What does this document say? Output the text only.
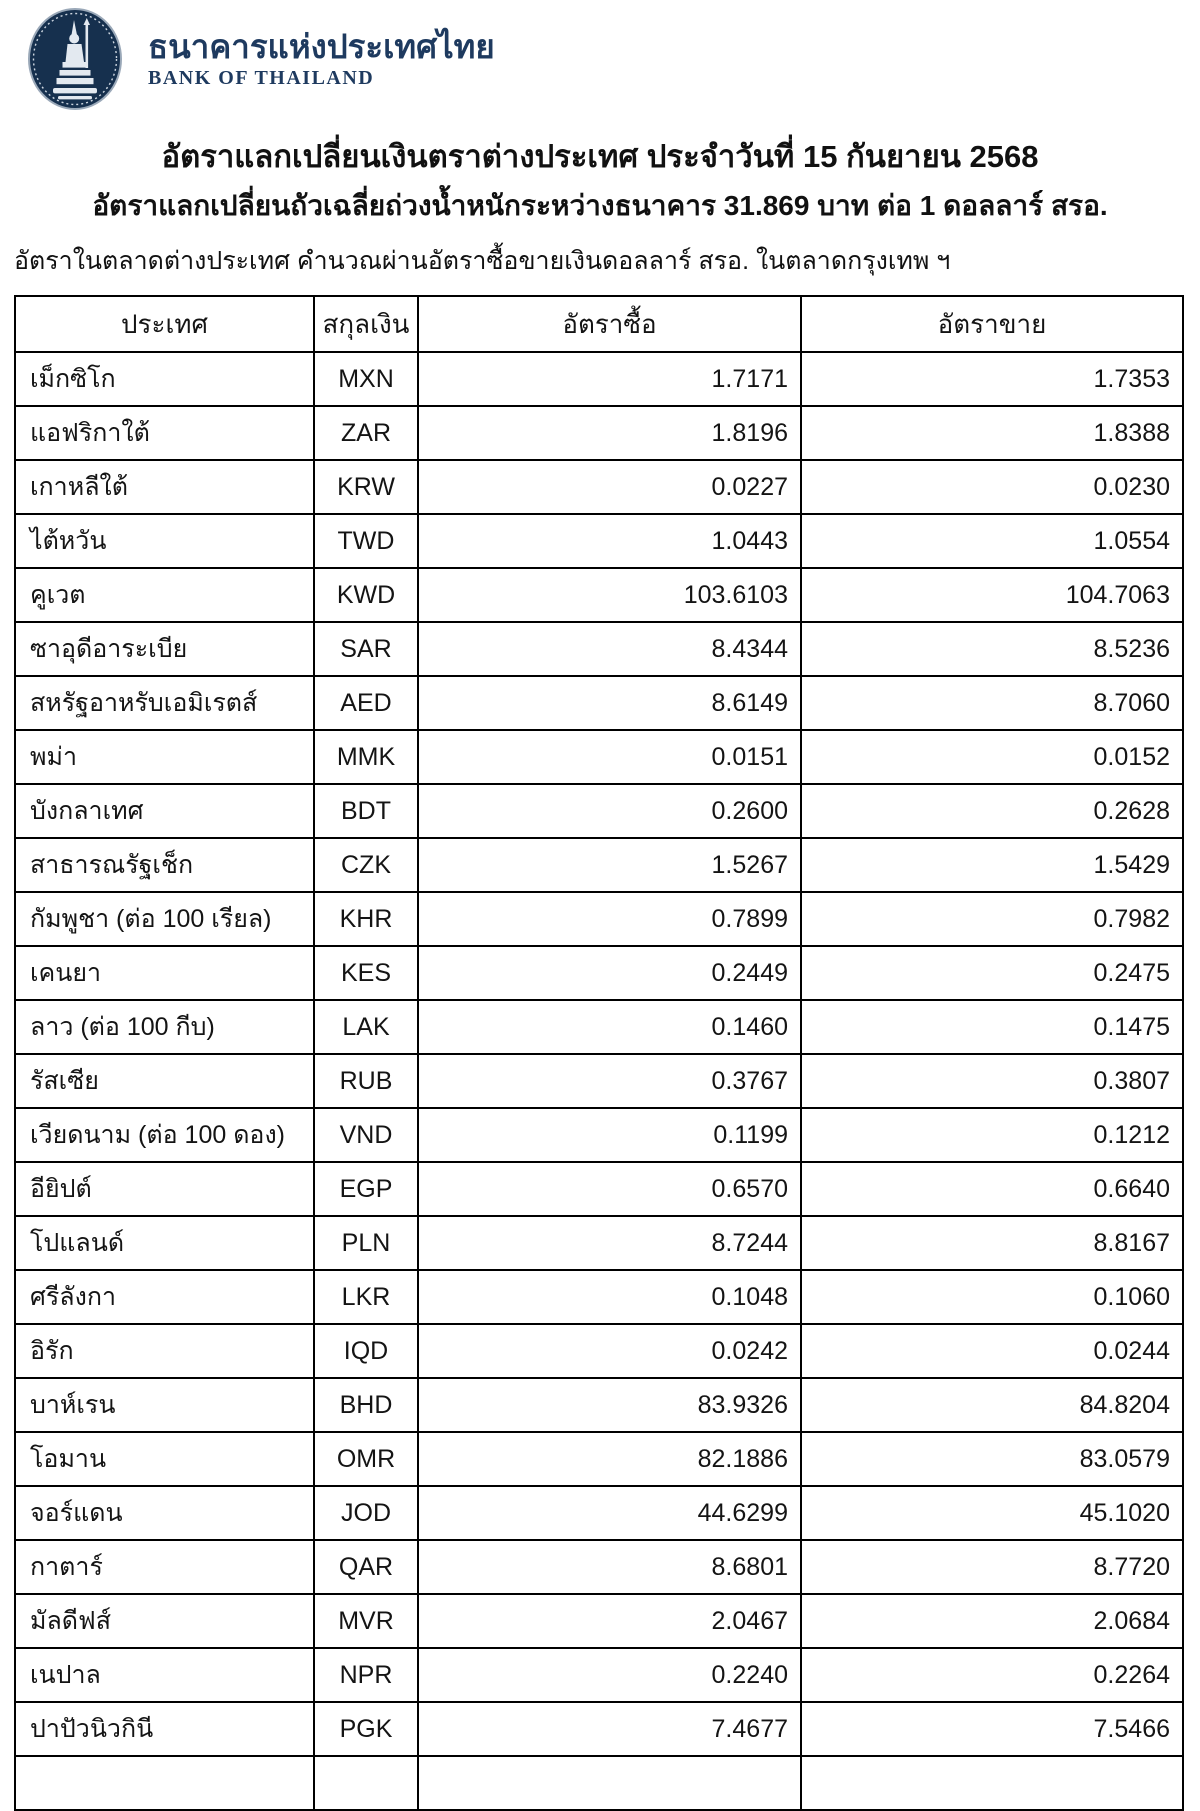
ธนาคารแห่งประเทศไทย
BANK OF THAILAND
อัตราแลกเปลี่ยนเงินตราต่างประเทศ ประจำวันที่ 15 กันยายน 2568
อัตราแลกเปลี่ยนถัวเฉลี่ยถ่วงน้ำหนักระหว่างธนาคาร 31.869 บาท ต่อ 1 ดอลลาร์ สรอ.
อัตราในตลาดต่างประเทศ คำนวณผ่านอัตราซื้อขายเงินดอลลาร์ สรอ. ในตลาดกรุงเทพ ฯ
ประเทศ	สกุลเงิน	อัตราซื้อ	อัตราขาย
เม็กซิโก	MXN	1.7171	1.7353
แอฟริกาใต้	ZAR	1.8196	1.8388
เกาหลีใต้	KRW	0.0227	0.0230
ไต้หวัน	TWD	1.0443	1.0554
คูเวต	KWD	103.6103	104.7063
ซาอุดีอาระเบีย	SAR	8.4344	8.5236
สหรัฐอาหรับเอมิเรตส์	AED	8.6149	8.7060
พม่า	MMK	0.0151	0.0152
บังกลาเทศ	BDT	0.2600	0.2628
สาธารณรัฐเช็ก	CZK	1.5267	1.5429
กัมพูชา (ต่อ 100 เรียล)	KHR	0.7899	0.7982
เคนยา	KES	0.2449	0.2475
ลาว (ต่อ 100 กีบ)	LAK	0.1460	0.1475
รัสเซีย	RUB	0.3767	0.3807
เวียดนาม (ต่อ 100 ดอง)	VND	0.1199	0.1212
อียิปต์	EGP	0.6570	0.6640
โปแลนด์	PLN	8.7244	8.8167
ศรีลังกา	LKR	0.1048	0.1060
อิรัก	IQD	0.0242	0.0244
บาห์เรน	BHD	83.9326	84.8204
โอมาน	OMR	82.1886	83.0579
จอร์แดน	JOD	44.6299	45.1020
กาตาร์	QAR	8.6801	8.7720
มัลดีฟส์	MVR	2.0467	2.0684
เนปาล	NPR	0.2240	0.2264
ปาปัวนิวกินี	PGK	7.4677	7.5466
